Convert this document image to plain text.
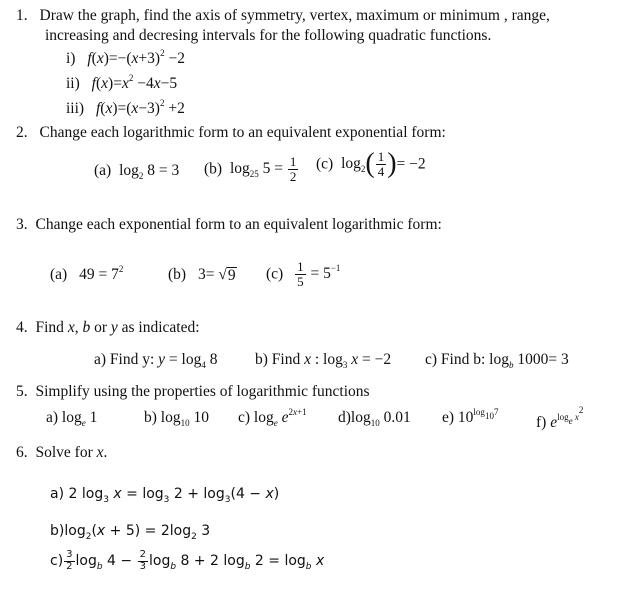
1. Draw the graph, find the axis of symmetry, vertex, maximum or minimum , range,
increasing and decresing intervals for the following quadratic functions.
i) $f(x)=-(x+3)^2 -2$
ii) $f(x)=x^2 -4x-5$
iii) $f(x)=(x-3)^2 +2$
2. Change each logarithmic form to an equivalent exponential form:
(a) $\log_2 8 = 3$ (b) $\log_{25} 5 = \frac{1}{2} (c)$ $\log_2( \frac{1}{4}$ )= −2
3. Change each exponential form to an equivalent logarithmic form:
(a) $49 = 7^2$	(b) 3= √ 9 $(c) \frac{1}{5} = 5^{-1}$
4. Find x, b or y as indicated:
a) Find y: $y = \log_4 8$ b) Find x : $\log_3 x = -2$ c) Find b: $\log_b 1000= 3$
5. Simplify using the properties of logarithmic functions
a) $\log_e 1$	b) $\log_{10} 10$ c) $\log_e e^{2x+1}$ $d)\log_{10}$ 0.01 e) $10^{log_{10}7}$
f) $e^{log_e x^2}$
6. Solve for x.
a) 2 $\log_3 x = \log_3 2 + \log_3(4 - x)$
$b)\log_2(x + 5) = 2\log_2$ 3
$c) \frac{3}{2} \log_b 4 - \frac{2}{3} \log_b 8 + 2$ $\log_b 2 = \log_b x$
